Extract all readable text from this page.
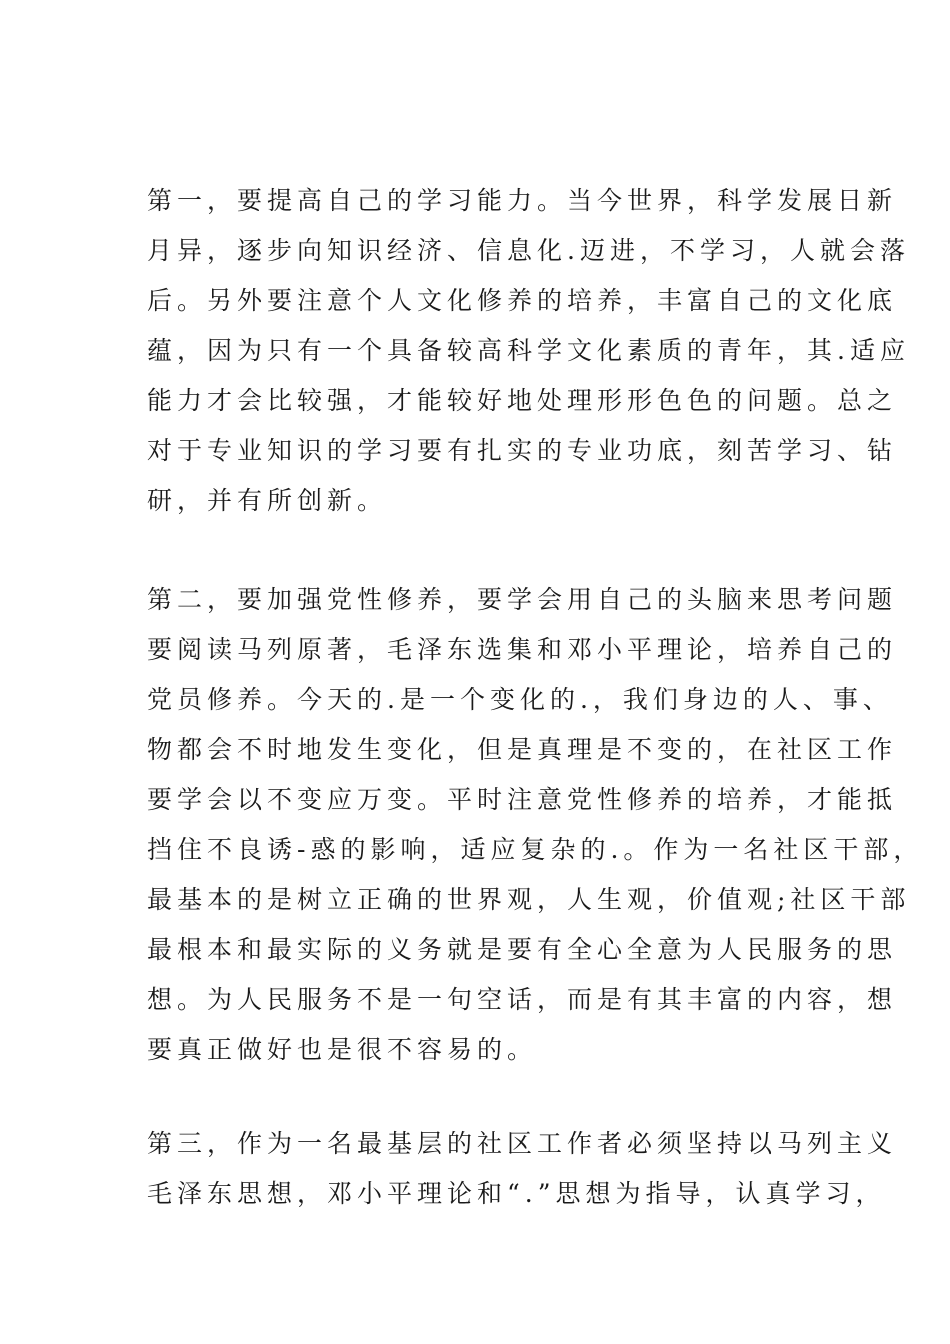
第一，要提高自己的学习能力。当今世界，科学发展日新
月异，逐步向知识经济、信息化.迈进，不学习，人就会落
后。另外要注意个人文化修养的培养，丰富自己的文化底
蕴，因为只有一个具备较高科学文化素质的青年，其.适应
能力才会比较强，才能较好地处理形形色色的问题。总之
对于专业知识的学习要有扎实的专业功底，刻苦学习、钻
研，并有所创新。
第二，要加强党性修养，要学会用自己的头脑来思考问题
要阅读马列原著，毛泽东选集和邓小平理论，培养自己的
党员修养。今天的.是一个变化的.，我们身边的人、事、
物都会不时地发生变化，但是真理是不变的，在社区工作
要学会以不变应万变。平时注意党性修养的培养，才能抵
挡住不良诱-惑的影响，适应复杂的.。作为一名社区干部，
最基本的是树立正确的世界观，人生观，价值观;社区干部
最根本和最实际的义务就是要有全心全意为人民服务的思
想。为人民服务不是一句空话，而是有其丰富的内容，想
要真正做好也是很不容易的。
第三，作为一名最基层的社区工作者必须坚持以马列主义
毛泽东思想，邓小平理论和“.”思想为指导，认真学习，
